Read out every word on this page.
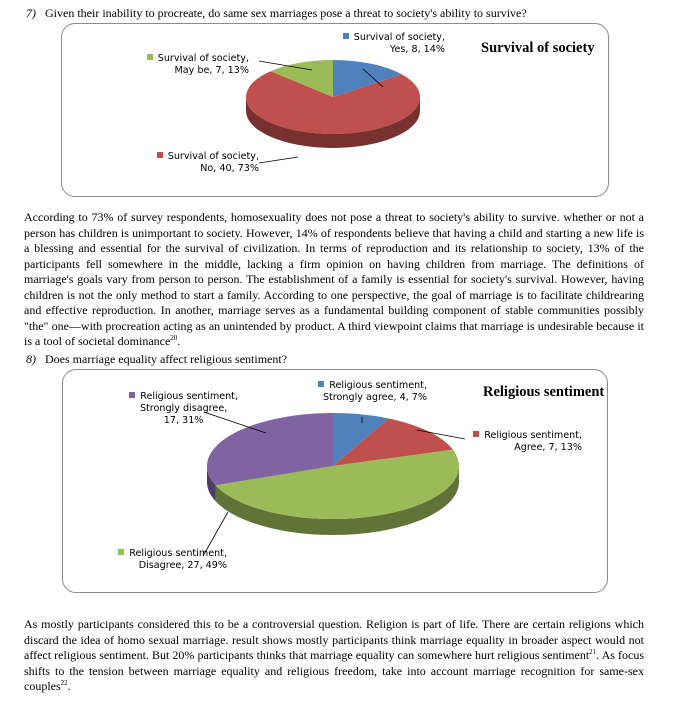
7) Given their inability to procreate, do same sex marriages pose a threat to society's ability to survive?
Survival of society
Survival of society,
Yes, 8, 14%
Survival of society,
May be, 7, 13%
Survival of society,
No, 40, 73%

According to 73% of survey respondents, homosexuality does not pose a threat to society's ability to survive. whether or not a person has children is unimportant to society. However, 14% of respondents believe that having a child and starting a new life is a blessing and essential for the survival of civilization. In terms of reproduction and its relationship to society, 13% of the participants fell somewhere in the middle, lacking a firm opinion on having children from marriage. The definitions of marriage's goals vary from person to person. The establishment of a family is essential for society's survival. However, having children is not the only method to start a family. According to one perspective, the goal of marriage is to facilitate childrearing and effective reproduction. In another, marriage serves as a fundamental building component of stable communities possibly "the" one—with procreation acting as an unintended by product. A third viewpoint claims that marriage is undesirable because it is a tool of societal dominance$^{20}$.

8) Does marriage equality affect religious sentiment?
Religious sentiment
Religious sentiment,
Strongly agree, 4, 7%
Religious sentiment,
Agree, 7, 13%
Religious sentiment,
Strongly disagree,
17, 31%
Religious sentiment,
Disagree, 27, 49%

As mostly participants considered this to be a controversial question. Religion is part of life. There are certain religions which discard the idea of homo sexual marriage. result shows mostly participants think marriage equality in broader aspect would not affect religious sentiment. But 20% participants thinks that marriage equality can somewhere hurt religious sentiment$^{21}$. As focus shifts to the tension between marriage equality and religious freedom, take into account marriage recognition for same-sex couples$^{22}$.
